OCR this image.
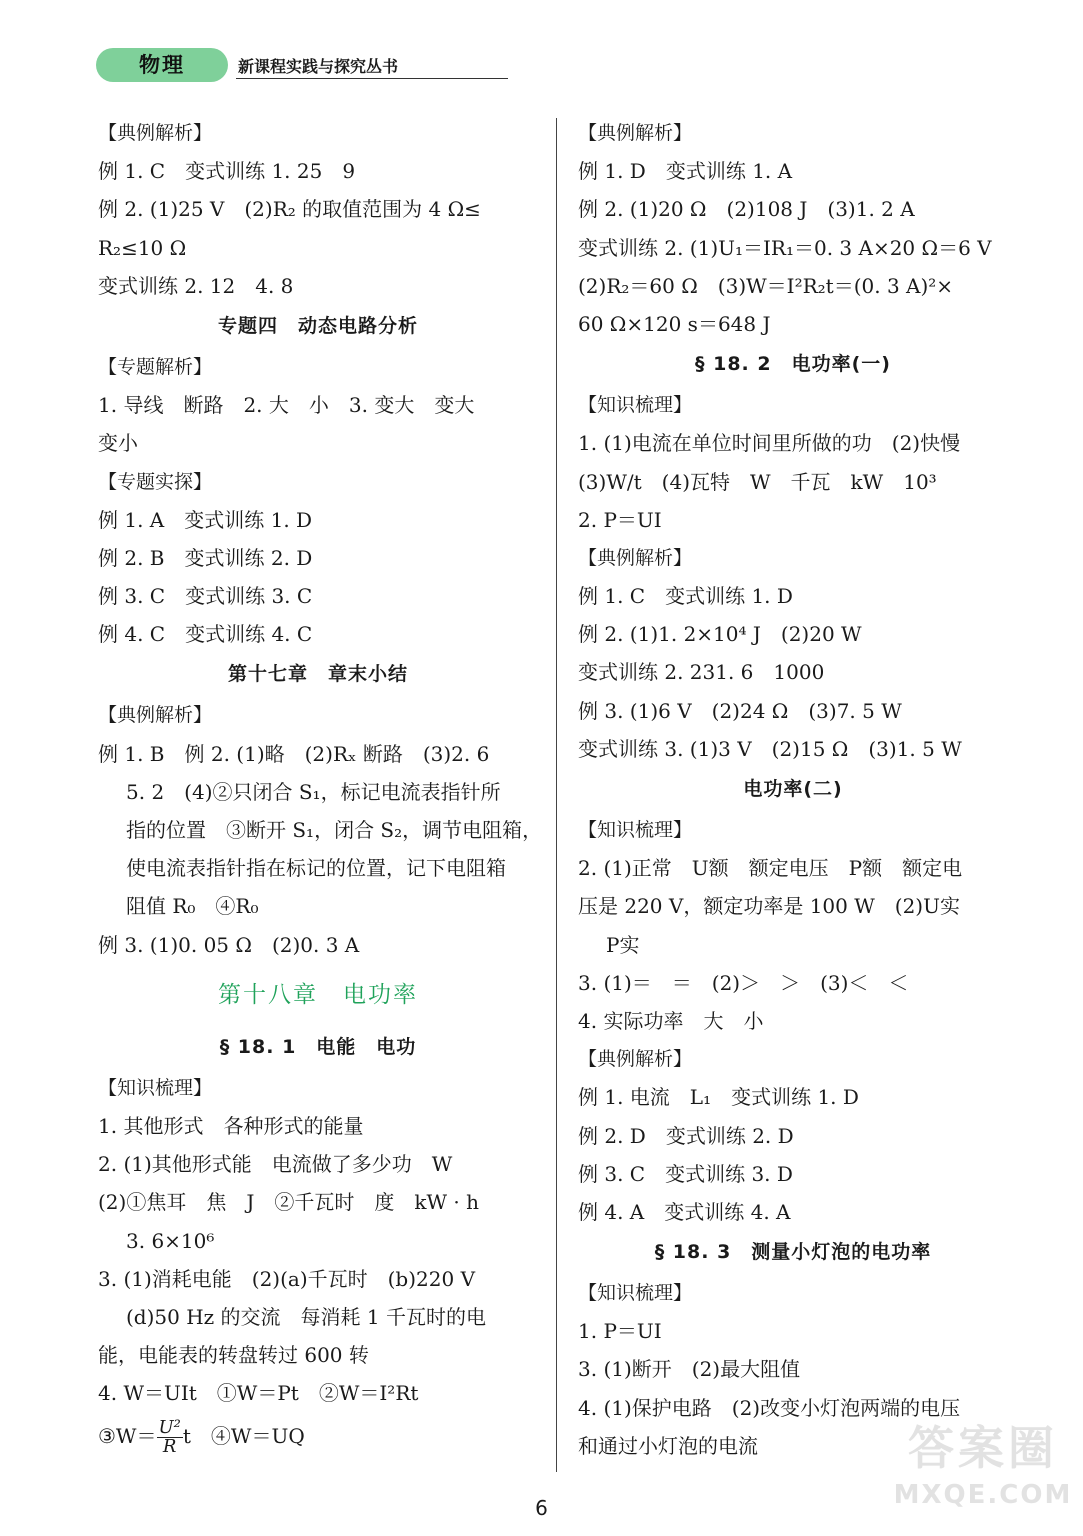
物理	新课程实践与探究丛书
【典例解析】
例 1. C　变式训练 1. 25　9
例 2. (1)25 V　(2)R₂ 的取值范围为 4 Ω≤
R₂≤10 Ω
变式训练 2. 12　4. 8
专题四　动态电路分析
【专题解析】
1. 导线　断路　2. 大　小　3. 变大　变大
变小
【专题实探】
例 1. A　变式训练 1. D
例 2. B　变式训练 2. D
例 3. C　变式训练 3. C
例 4. C　变式训练 4. C
第十七章　章末小结
【典例解析】
例 1. B　例 2. (1)略　(2)Rₓ 断路　(3)2. 6
5. 2　(4)②只闭合 S₁，标记电流表指针所
指的位置　③断开 S₁，闭合 S₂，调节电阻箱，
使电流表指针指在标记的位置，记下电阻箱
阻值 R₀　④R₀
例 3. (1)0. 05 Ω　(2)0. 3 A
第十八章　电功率
§ 18. 1　电能　电功
【知识梳理】
1. 其他形式　各种形式的能量
2. (1)其他形式能　电流做了多少功　W
(2)①焦耳　焦　J　②千瓦时　度　kW · h
3. 6×10⁶
3. (1)消耗电能　(2)(a)千瓦时　(b)220 V
(d)50 Hz 的交流　每消耗 1 千瓦时的电
能，电能表的转盘转过 600 转
4. W＝UIt　①W＝Pt　②W＝I²Rt
③W＝ $\frac{\text{U²}}{R}$ t　④W＝UQ
【典例解析】
例 1. D　变式训练 1. A
例 2. (1)20 Ω　(2)108 J　(3)1. 2 A
变式训练 2. (1)U₁＝IR₁＝0. 3 A×20 Ω＝6 V
(2)R₂＝60 Ω　(3)W＝I²R₂t＝(0. 3 A)²×
60 Ω×120 s＝648 J
§ 18. 2　电功率(一)
【知识梳理】
1. (1)电流在单位时间里所做的功　(2)快慢
(3)W/t　(4)瓦特　W　千瓦　kW　10³
2. P＝UI
【典例解析】
例 1. C　变式训练 1. D
例 2. (1)1. 2×10⁴ J　(2)20 W
变式训练 2. 231. 6　1000
例 3. (1)6 V　(2)24 Ω　(3)7. 5 W
变式训练 3. (1)3 V　(2)15 Ω　(3)1. 5 W
电功率(二)
【知识梳理】
2. (1)正常　U额　额定电压　P额　额定电
压是 220 V，额定功率是 100 W　(2)U实
P实
3. (1)＝　＝　(2)＞　＞　(3)＜　＜
4. 实际功率　大　小
【典例解析】
例 1. 电流　L₁　变式训练 1. D
例 2. D　变式训练 2. D
例 3. C　变式训练 3. D
例 4. A　变式训练 4. A
§ 18. 3　测量小灯泡的电功率
【知识梳理】
1. P＝UI
3. (1)断开　(2)最大阻值
4. (1)保护电路　(2)改变小灯泡两端的电压
和通过小灯泡的电流
6
答案圈
MXQE.COM
